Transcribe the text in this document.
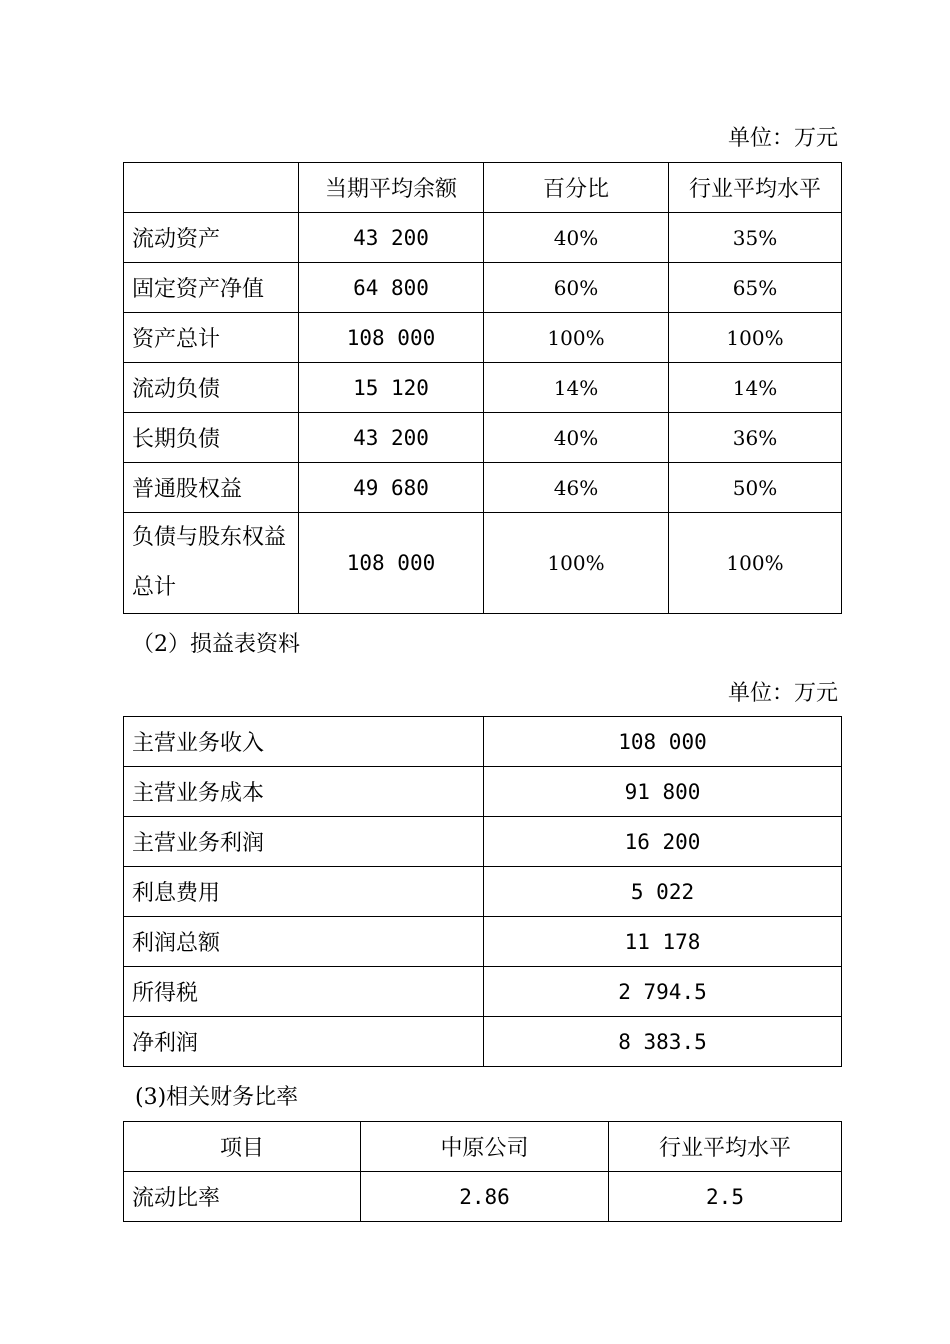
单位：万元
	当期平均余额	百分比	行业平均水平
流动资产	43 200	40%	35%
固定资产净值	64 800	60%	65%
资产总计	108 000	100%	100%
流动负债	15 120	14%	14%
长期负债	43 200	40%	36%
普通股权益	49 680	46%	50%
负债与股东权益总计	108 000	100%	100%
（2）损益表资料
单位：万元
主营业务收入	108 000
主营业务成本	91 800
主营业务利润	16 200
利息费用	5 022
利润总额	11 178
所得税	2 794.5
净利润	8 383.5
(3)相关财务比率
项目	中原公司	行业平均水平
流动比率	2.86	2.5
